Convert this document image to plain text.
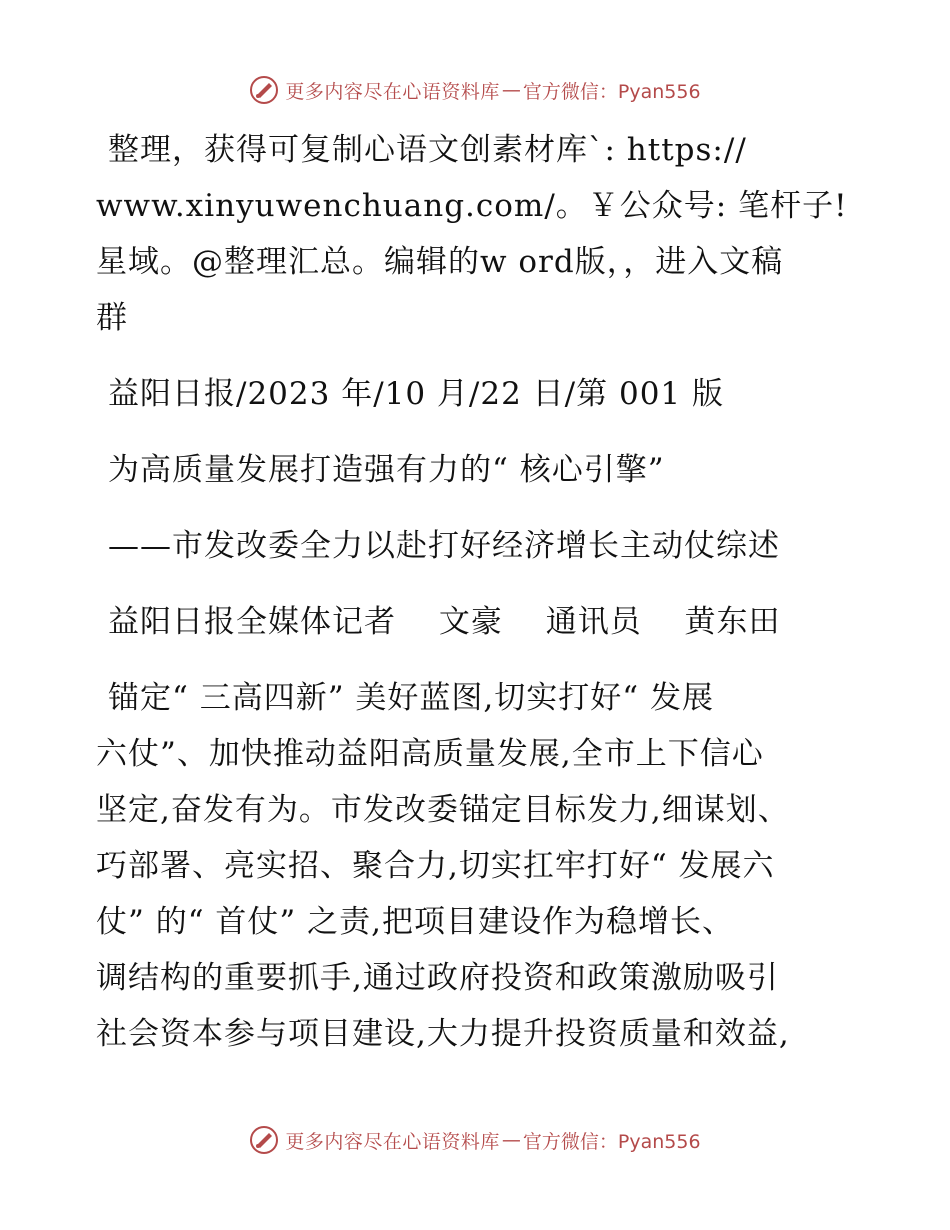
更多内容尽在心语资料库 — 官方微信：Pyan556
整理，获得可复制心语文创素材库`: https://
www.xinyuwenchuang.com/。￥公众号: 笔杆子!
星域。@整理汇总。编辑的w ord版，，进入文稿
群
益阳日报/2023 年/10 月/22 日/第 001 版
为高质量发展打造强有力的“ 核心引擎”
——市发改委全力以赴打好经济增长主动仗综述
益阳日报全媒体记者　 文豪　 通讯员　 黄东田
锚定“ 三高四新” 美好蓝图,切实打好“ 发展
六仗”、加快推动益阳高质量发展,全市上下信心
坚定,奋发有为。市发改委锚定目标发力,细谋划、
巧部署、亮实招、聚合力,切实扛牢打好“ 发展六
仗” 的“ 首仗” 之责,把项目建设作为稳增长、
调结构的重要抓手,通过政府投资和政策激励吸引
社会资本参与项目建设,大力提升投资质量和效益,
更多内容尽在心语资料库 — 官方微信：Pyan556
